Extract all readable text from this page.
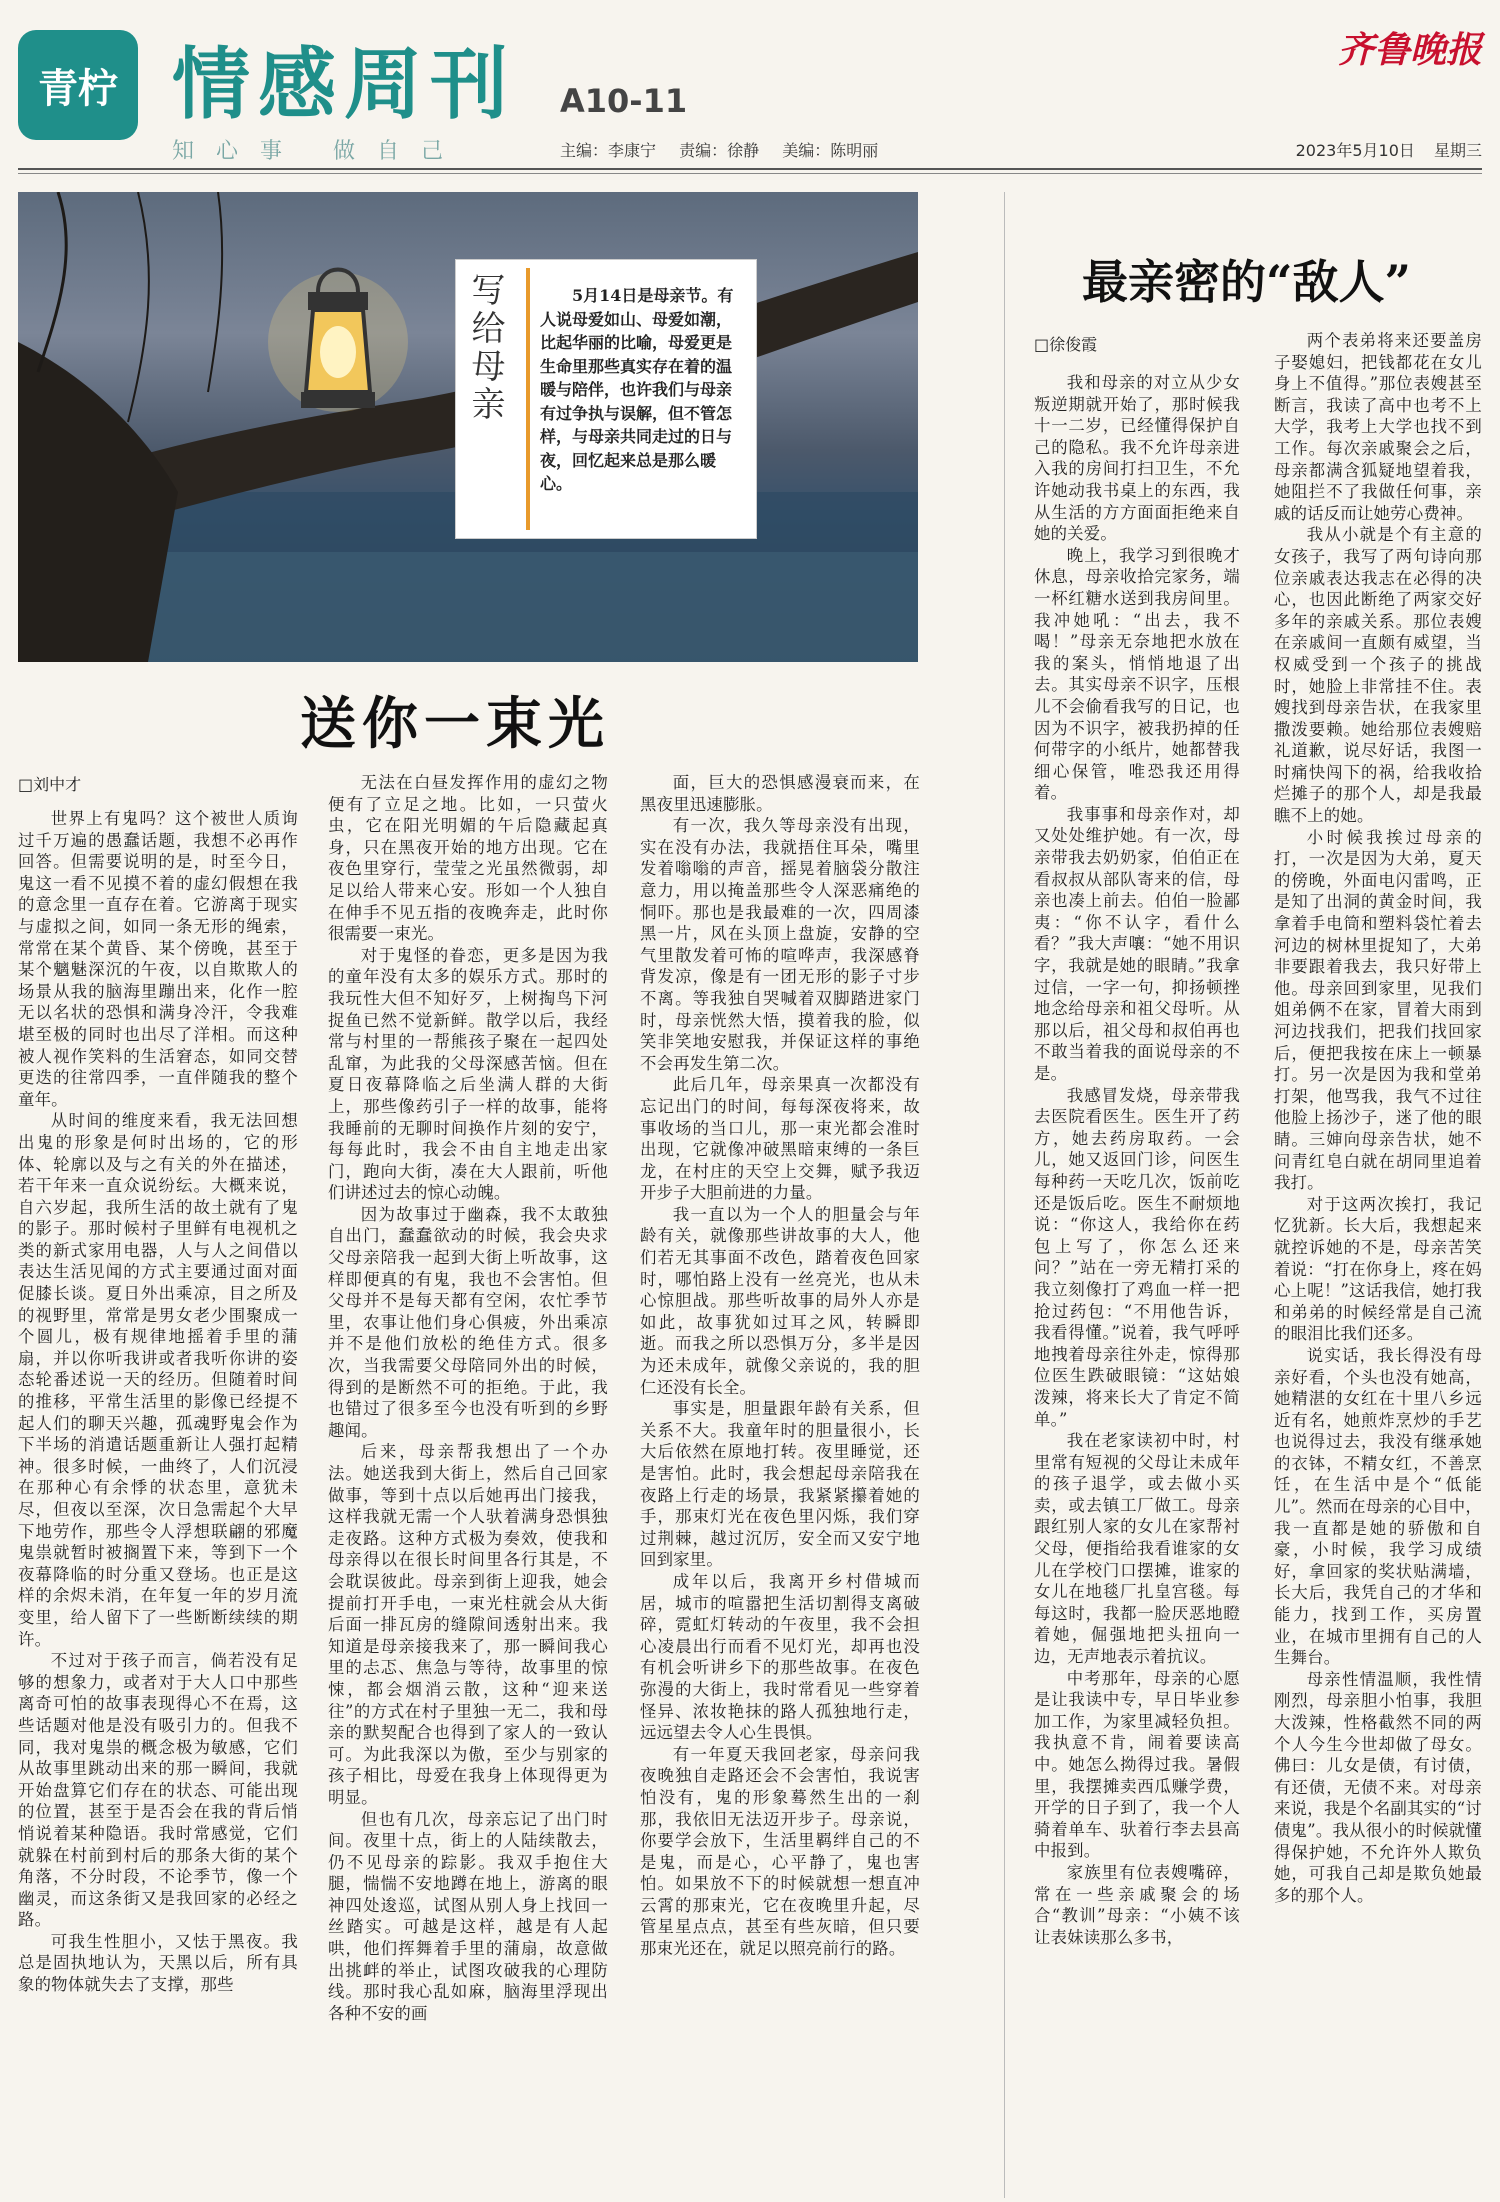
青柠 情感周刊 A10-11
齐鲁晚报
知心事 做自己	主编：李康宁 责编：徐静 美编：陈明丽	2023年5月10日 星期三
写给母亲	5月14日是母亲节。有人说母爱如山、母爱如潮，比起华丽的比喻，母爱更是生命里那些真实存在着的温暖与陪伴，也许我们与母亲有过争执与误解，但不管怎样，与母亲共同走过的日与夜，回忆起来总是那么暖心。
最亲密的“敌人”
□徐俊霞
送你一束光
□刘中才

世界上有鬼吗？这个被世人质询过千万遍的愚蠢话题，我想不必再作回答。但需要说明的是，时至今日，鬼这一看不见摸不着的虚幻假想在我的意念里一直存在着。它游离于现实与虚拟之间，如同一条无形的绳索，常常在某个黄昏、某个傍晚，甚至于某个魑魅深沉的午夜，以自欺欺人的场景从我的脑海里蹦出来，化作一腔无以名状的恐惧和满身冷汗，令我难堪至极的同时也出尽了洋相。而这种被人视作笑料的生活窘态，如同交替更迭的往常四季，一直伴随我的整个童年。

从时间的维度来看，我无法回想出鬼的形象是何时出场的，它的形体、轮廓以及与之有关的外在描述，若干年来一直众说纷纭。大概来说，自六岁起，我所生活的故土就有了鬼的影子。那时候村子里鲜有电视机之类的新式家用电器，人与人之间借以表达生活见闻的方式主要通过面对面促膝长谈。夏日外出乘凉，目之所及的视野里，常常是男女老少围聚成一个圆儿，极有规律地摇着手里的蒲扇，并以你听我讲或者我听你讲的姿态轮番述说一天的经历。但随着时间的推移，平常生活里的影像已经提不起人们的聊天兴趣，孤魂野鬼会作为下半场的消遣话题重新让人强打起精神。很多时候，一曲终了，人们沉浸在那种心有余悸的状态里，意犹未尽，但夜以至深，次日急需起个大早下地劳作，那些令人浮想联翩的邪魔鬼祟就暂时被搁置下来，等到下一个夜幕降临的时分重又登场。也正是这样的余烬未消，在年复一年的岁月流变里，给人留下了一些断断续续的期许。

不过对于孩子而言，倘若没有足够的想象力，或者对于大人口中那些离奇可怕的故事表现得心不在焉，这些话题对他是没有吸引力的。但我不同，我对鬼祟的概念极为敏感，它们从故事里跳动出来的那一瞬间，我就开始盘算它们存在的状态、可能出现的位置，甚至于是否会在我的背后悄悄说着某种隐语。我时常感觉，它们就躲在村前到村后的那条大街的某个角落，不分时段，不论季节，像一个幽灵，而这条街又是我回家的必经之路。

可我生性胆小，又怯于黑夜。我总是固执地认为，天黑以后，所有具象的物体就失去了支撑，那些

无法在白昼发挥作用的虚幻之物便有了立足之地。比如，一只萤火虫，它在阳光明媚的午后隐藏起真身，只在黑夜开始的地方出现。它在夜色里穿行，莹莹之光虽然微弱，却足以给人带来心安。形如一个人独自在伸手不见五指的夜晚奔走，此时你很需要一束光。

对于鬼怪的眷恋，更多是因为我的童年没有太多的娱乐方式。那时的我玩性大但不知好歹，上树掏鸟下河捉鱼已然不觉新鲜。散学以后，我经常与村里的一帮熊孩子聚在一起四处乱窜，为此我的父母深感苦恼。但在夏日夜幕降临之后坐满人群的大街上，那些像药引子一样的故事，能将我睡前的无聊时间换作片刻的安宁，每每此时，我会不由自主地走出家门，跑向大街，凑在大人跟前，听他们讲述过去的惊心动魄。

因为故事过于幽森，我不太敢独自出门，蠢蠢欲动的时候，我会央求父母亲陪我一起到大街上听故事，这样即便真的有鬼，我也不会害怕。但父母并不是每天都有空闲，农忙季节里，农事让他们身心俱疲，外出乘凉并不是他们放松的绝佳方式。很多次，当我需要父母陪同外出的时候，得到的是断然不可的拒绝。于此，我也错过了很多至今也没有听到的乡野趣闻。

后来，母亲帮我想出了一个办法。她送我到大街上，然后自己回家做事，等到十点以后她再出门接我，这样我就无需一个人驮着满身恐惧独走夜路。这种方式极为奏效，使我和母亲得以在很长时间里各行其是，不会耽误彼此。母亲到街上迎我，她会提前打开手电，一束光柱就会从大街后面一排瓦房的缝隙间透射出来。我知道是母亲接我来了，那一瞬间我心里的忐忑、焦急与等待，故事里的惊悚，都会烟消云散，这种“迎来送往”的方式在村子里独一无二，我和母亲的默契配合也得到了家人的一致认可。为此我深以为傲，至少与别家的孩子相比，母爱在我身上体现得更为明显。

但也有几次，母亲忘记了出门时间。夜里十点，街上的人陆续散去，仍不见母亲的踪影。我双手抱住大腿，惴惴不安地蹲在地上，游离的眼神四处逡巡，试图从别人身上找回一丝踏实。可越是这样，越是有人起哄，他们挥舞着手里的蒲扇，故意做出挑衅的举止，试图攻破我的心理防线。那时我心乱如麻，脑海里浮现出各种不安的画

面，巨大的恐惧感漫衰而来，在黑夜里迅速膨胀。

有一次，我久等母亲没有出现，实在没有办法，我就捂住耳朵，嘴里发着嗡嗡的声音，摇晃着脑袋分散注意力，用以掩盖那些令人深恶痛绝的恫吓。那也是我最难的一次，四周漆黑一片，风在头顶上盘旋，安静的空气里散发着可怖的喧哗声，我深感脊背发凉，像是有一团无形的影子寸步不离。等我独自哭喊着双脚踏进家门时，母亲恍然大悟，摸着我的脸，似笑非笑地安慰我，并保证这样的事绝不会再发生第二次。

此后几年，母亲果真一次都没有忘记出门的时间，每每深夜将来，故事收场的当口儿，那一束光都会准时出现，它就像冲破黑暗束缚的一条巨龙，在村庄的天空上交舞，赋予我迈开步子大胆前进的力量。

我一直以为一个人的胆量会与年龄有关，就像那些讲故事的大人，他们若无其事面不改色，踏着夜色回家时，哪怕路上没有一丝亮光，也从未心惊胆战。那些听故事的局外人亦是如此，故事犹如过耳之风，转瞬即逝。而我之所以恐惧万分，多半是因为还未成年，就像父亲说的，我的胆仁还没有长全。

事实是，胆量跟年龄有关系，但关系不大。我童年时的胆量很小，长大后依然在原地打转。夜里睡觉，还是害怕。此时，我会想起母亲陪我在夜路上行走的场景，我紧紧攥着她的手，那束灯光在夜色里闪烁，我们穿过荆棘，越过沉厉，安全而又安宁地回到家里。

成年以后，我离开乡村借城而居，城市的喧嚣把生活切割得支离破碎，霓虹灯转动的午夜里，我不会担心凌晨出行而看不见灯光，却再也没有机会听讲乡下的那些故事。在夜色弥漫的大街上，我时常看见一些穿着怪异、浓妆艳抹的路人孤独地行走，远远望去令人心生畏惧。

有一年夏天我回老家，母亲问我夜晚独自走路还会不会害怕，我说害怕没有，鬼的形象蓦然生出的一刹那，我依旧无法迈开步子。母亲说，你要学会放下，生活里羁绊自己的不是鬼，而是心，心平静了，鬼也害怕。如果放不下的时候就想一想直冲云霄的那束光，它在夜晚里升起，尽管星星点点，甚至有些灰暗，但只要那束光还在，就足以照亮前行的路。

我和母亲的对立从少女叛逆期就开始了，那时候我十一二岁，已经懂得保护自己的隐私。我不允许母亲进入我的房间打扫卫生，不允许她动我书桌上的东西，我从生活的方方面面拒绝来自她的关爱。

晚上，我学习到很晚才休息，母亲收拾完家务，端一杯红糖水送到我房间里。我冲她吼：“出去，我不喝！”母亲无奈地把水放在我的案头，悄悄地退了出去。其实母亲不识字，压根儿不会偷看我写的日记，也因为不识字，被我扔掉的任何带字的小纸片，她都替我细心保管，唯恐我还用得着。

我事事和母亲作对，却又处处维护她。有一次，母亲带我去奶奶家，伯伯正在看叔叔从部队寄来的信，母亲也凑上前去。伯伯一脸鄙夷：“你不认字，看什么看？”我大声嚷：“她不用识字，我就是她的眼睛。”我拿过信，一字一句，抑扬顿挫地念给母亲和祖父母听。从那以后，祖父母和叔伯再也不敢当着我的面说母亲的不是。

我感冒发烧，母亲带我去医院看医生。医生开了药方，她去药房取药。一会儿，她又返回门诊，问医生每种药一天吃几次，饭前吃还是饭后吃。医生不耐烦地说：“你这人，我给你在药包上写了，你怎么还来问？”站在一旁无精打采的我立刻像打了鸡血一样一把抢过药包：“不用他告诉，我看得懂。”说着，我气呼呼地拽着母亲往外走，惊得那位医生跌破眼镜：“这姑娘泼辣，将来长大了肯定不简单。”

我在老家读初中时，村里常有短视的父母让未成年的孩子退学，或去做小买卖，或去镇工厂做工。母亲跟红别人家的女儿在家帮衬父母，便指给我看谁家的女儿在学校门口摆摊，谁家的女儿在地毯厂扎皇宫毯。每每这时，我都一脸厌恶地瞪着她，倔强地把头扭向一边，无声地表示着抗议。

中考那年，母亲的心愿是让我读中专，早日毕业参加工作，为家里减轻负担。我执意不肯，闹着要读高中。她怎么拗得过我。暑假里，我摆摊卖西瓜赚学费，开学的日子到了，我一个人骑着单车、驮着行李去县高中报到。

家族里有位表嫂嘴碎，常在一些亲戚聚会的场合“教训”母亲：“小姨不该让表妹读那么多书，

两个表弟将来还要盖房子娶媳妇，把钱都花在女儿身上不值得。”那位表嫂甚至断言，我读了高中也考不上大学，我考上大学也找不到工作。每次亲戚聚会之后，母亲都满含狐疑地望着我，她阻拦不了我做任何事，亲戚的话反而让她劳心费神。

我从小就是个有主意的女孩子，我写了两句诗向那位亲戚表达我志在必得的决心，也因此断绝了两家交好多年的亲戚关系。那位表嫂在亲戚间一直颇有威望，当权威受到一个孩子的挑战时，她脸上非常挂不住。表嫂找到母亲告状，在我家里撒泼要赖。她给那位表嫂赔礼道歉，说尽好话，我图一时痛快闯下的祸，给我收拾烂摊子的那个人，却是我最瞧不上的她。

小时候我挨过母亲的打，一次是因为大弟，夏天的傍晚，外面电闪雷鸣，正是知了出洞的黄金时间，我拿着手电筒和塑料袋忙着去河边的树林里捉知了，大弟非要跟着我去，我只好带上他。母亲回到家里，见我们姐弟俩不在家，冒着大雨到河边找我们，把我们找回家后，便把我按在床上一顿暴打。另一次是因为我和堂弟打架，他骂我，我气不过往他脸上扬沙子，迷了他的眼睛。三婶向母亲告状，她不问青红皂白就在胡同里追着我打。

对于这两次挨打，我记忆犹新。长大后，我想起来就控诉她的不是，母亲苦笑着说：“打在你身上，疼在妈心上呢！”这话我信，她打我和弟弟的时候经常是自己流的眼泪比我们还多。

说实话，我长得没有母亲好看，个头也没有她高，她精湛的女红在十里八乡远近有名，她煎炸烹炒的手艺也说得过去，我没有继承她的衣钵，不精女红，不善烹饪，在生活中是个“低能儿”。然而在母亲的心目中，我一直都是她的骄傲和自豪，小时候，我学习成绩好，拿回家的奖状贴满墙，长大后，我凭自己的才华和能力，找到工作，买房置业，在城市里拥有自己的人生舞台。

母亲性情温顺，我性情刚烈，母亲胆小怕事，我胆大泼辣，性格截然不同的两个人今生今世却做了母女。佛曰：儿女是债，有讨债，有还债，无债不来。对母亲来说，我是个名副其实的“讨债鬼”。我从很小的时候就懂得保护她，不允许外人欺负她，可我自己却是欺负她最多的那个人。
